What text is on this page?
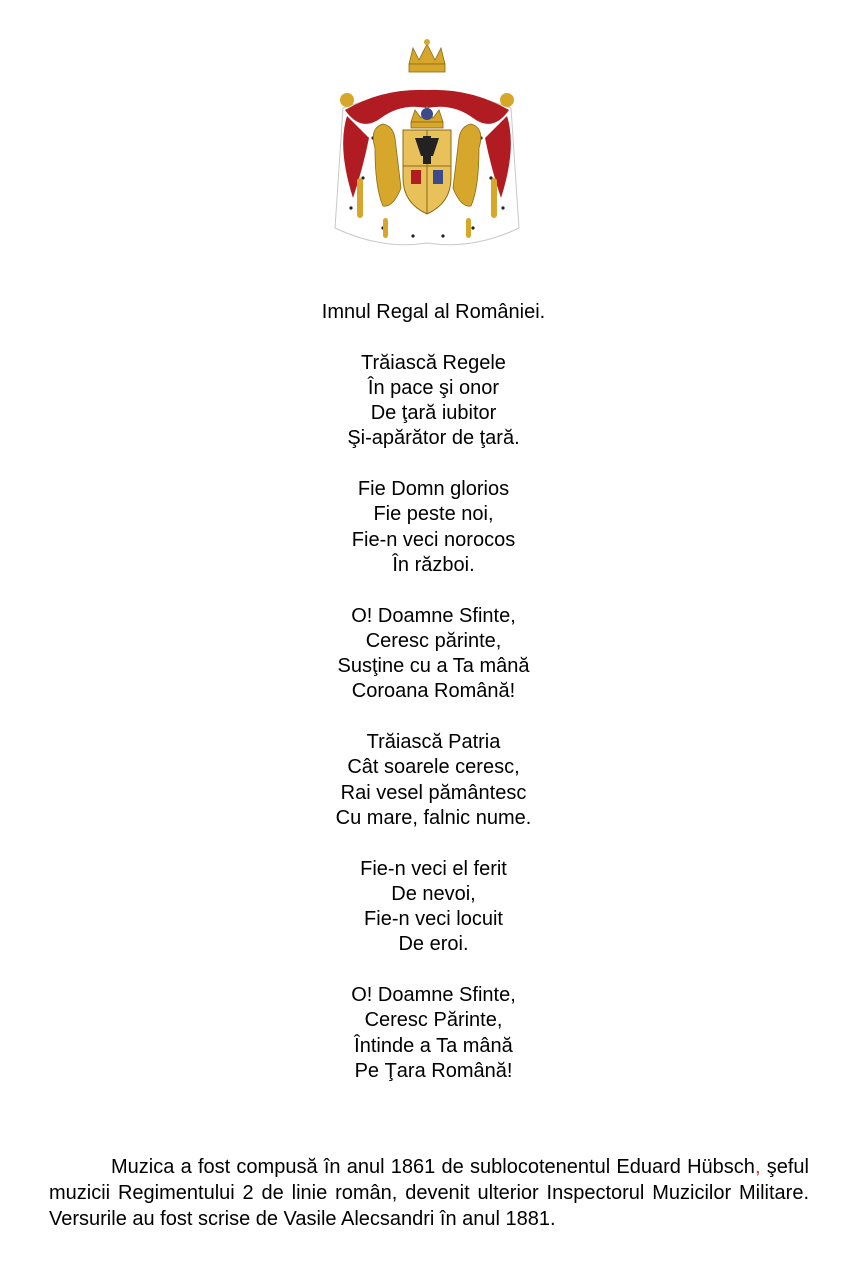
Imnul Regal al României.
Trăiască Regele
În pace şi onor
De ţară iubitor
Şi-apărător de ţară.
Fie Domn glorios
Fie peste noi,
Fie-n veci norocos
În război.
O! Doamne Sfinte,
Ceresc părinte,
Susţine cu a Ta mână
Coroana Română!
Trăiască Patria
Cât soarele ceresc,
Rai vesel pământesc
Cu mare, falnic nume.
Fie-n veci el ferit
De nevoi,
Fie-n veci locuit
De eroi.
O! Doamne Sfinte,
Ceresc Părinte,
Întinde a Ta mână
Pe Ţara Română!

Muzica a fost compusă în anul 1861 de sublocotenentul Eduard Hübsch, şeful muzicii Regimentului 2 de linie român, devenit ulterior Inspectorul Muzicilor Militare. Versurile au fost scrise de Vasile Alecsandri în anul 1881.
